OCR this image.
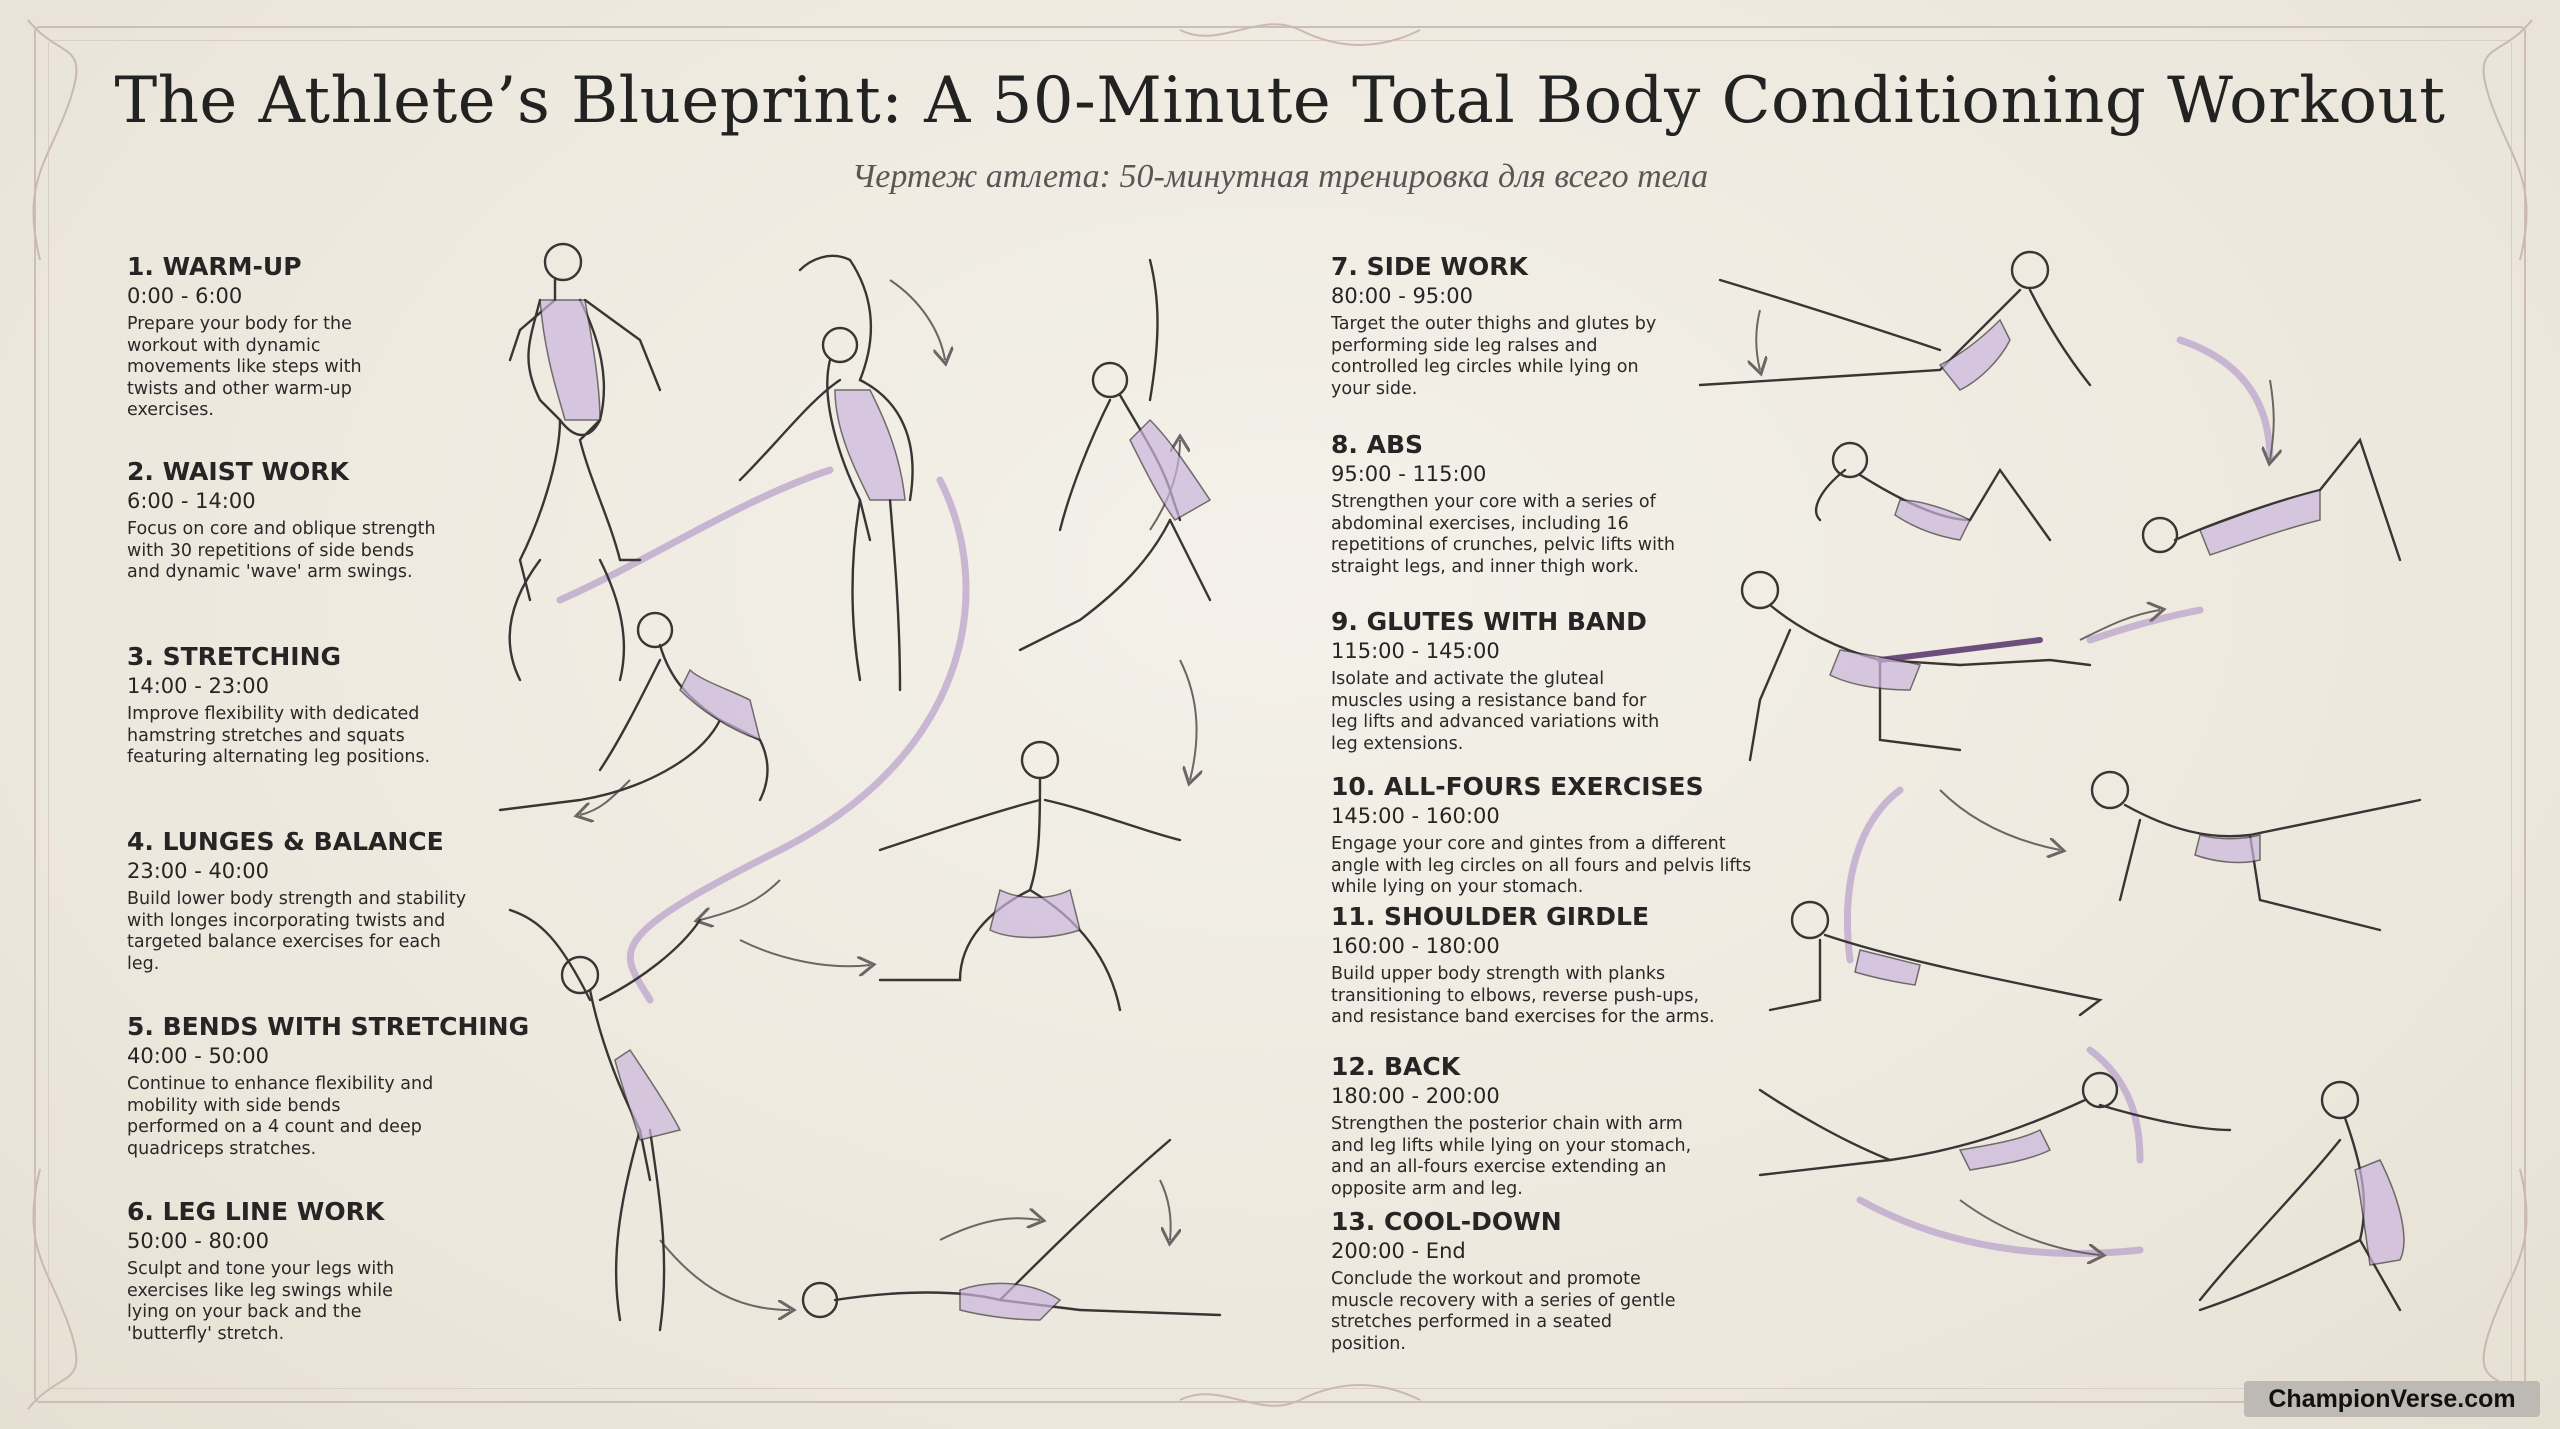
The Athlete’s Blueprint: A 50-Minute Total Body Conditioning Workout
Чертеж атлета: 50-минутная тренировка для всего тела
1. WARM-UP
0:00 - 6:00
Prepare your body for the workout with dynamic movements like steps with twists and other warm-up exercises.
2. WAIST WORK
6:00 - 14:00
Focus on core and oblique strength with 30 repetitions of side bends and dynamic 'wave' arm swings.
3. STRETCHING
14:00 - 23:00
Improve flexibility with dedicated hamstring stretches and squats featuring alternating leg positions.
4. LUNGES & BALANCE
23:00 - 40:00
Build lower body strength and stability with longes incorporating twists and targeted balance exercises for each leg.
5. BENDS WITH STRETCHING
40:00 - 50:00
Continue to enhance flexibility and mobility with side bends performed on a 4 count and deep quadriceps stratches.
6. LEG LINE WORK
50:00 - 80:00
Sculpt and tone your legs with exercises like leg swings while lying on your back and the 'butterfly' stretch.
7. SIDE WORK
80:00 - 95:00
Target the outer thighs and glutes by performing side leg ralses and controlled leg circles while lying on your side.
8. ABS
95:00 - 115:00
Strengthen your core with a series of abdominal exercises, including 16 repetitions of crunches, pelvic lifts with straight legs, and inner thigh work.
9. GLUTES WITH BAND
115:00 - 145:00
Isolate and activate the gluteal muscles using a resistance band for leg lifts and advanced variations with leg extensions.
10. ALL-FOURS EXERCISES
145:00 - 160:00
Engage your core and gintes from a different angle with leg circles on all fours and pelvis lifts while lying on your stomach.
11. SHOULDER GIRDLE
160:00 - 180:00
Build upper body strength with planks transitioning to elbows, reverse push-ups, and resistance band exercises for the arms.
12. BACK
180:00 - 200:00
Strengthen the posterior chain with arm and leg lifts while lying on your stomach, and an all-fours exercise extending an opposite arm and leg.
13. COOL-DOWN
200:00 - End
Conclude the workout and promote muscle recovery with a series of gentle stretches performed in a seated position.
ChampionVerse.com
